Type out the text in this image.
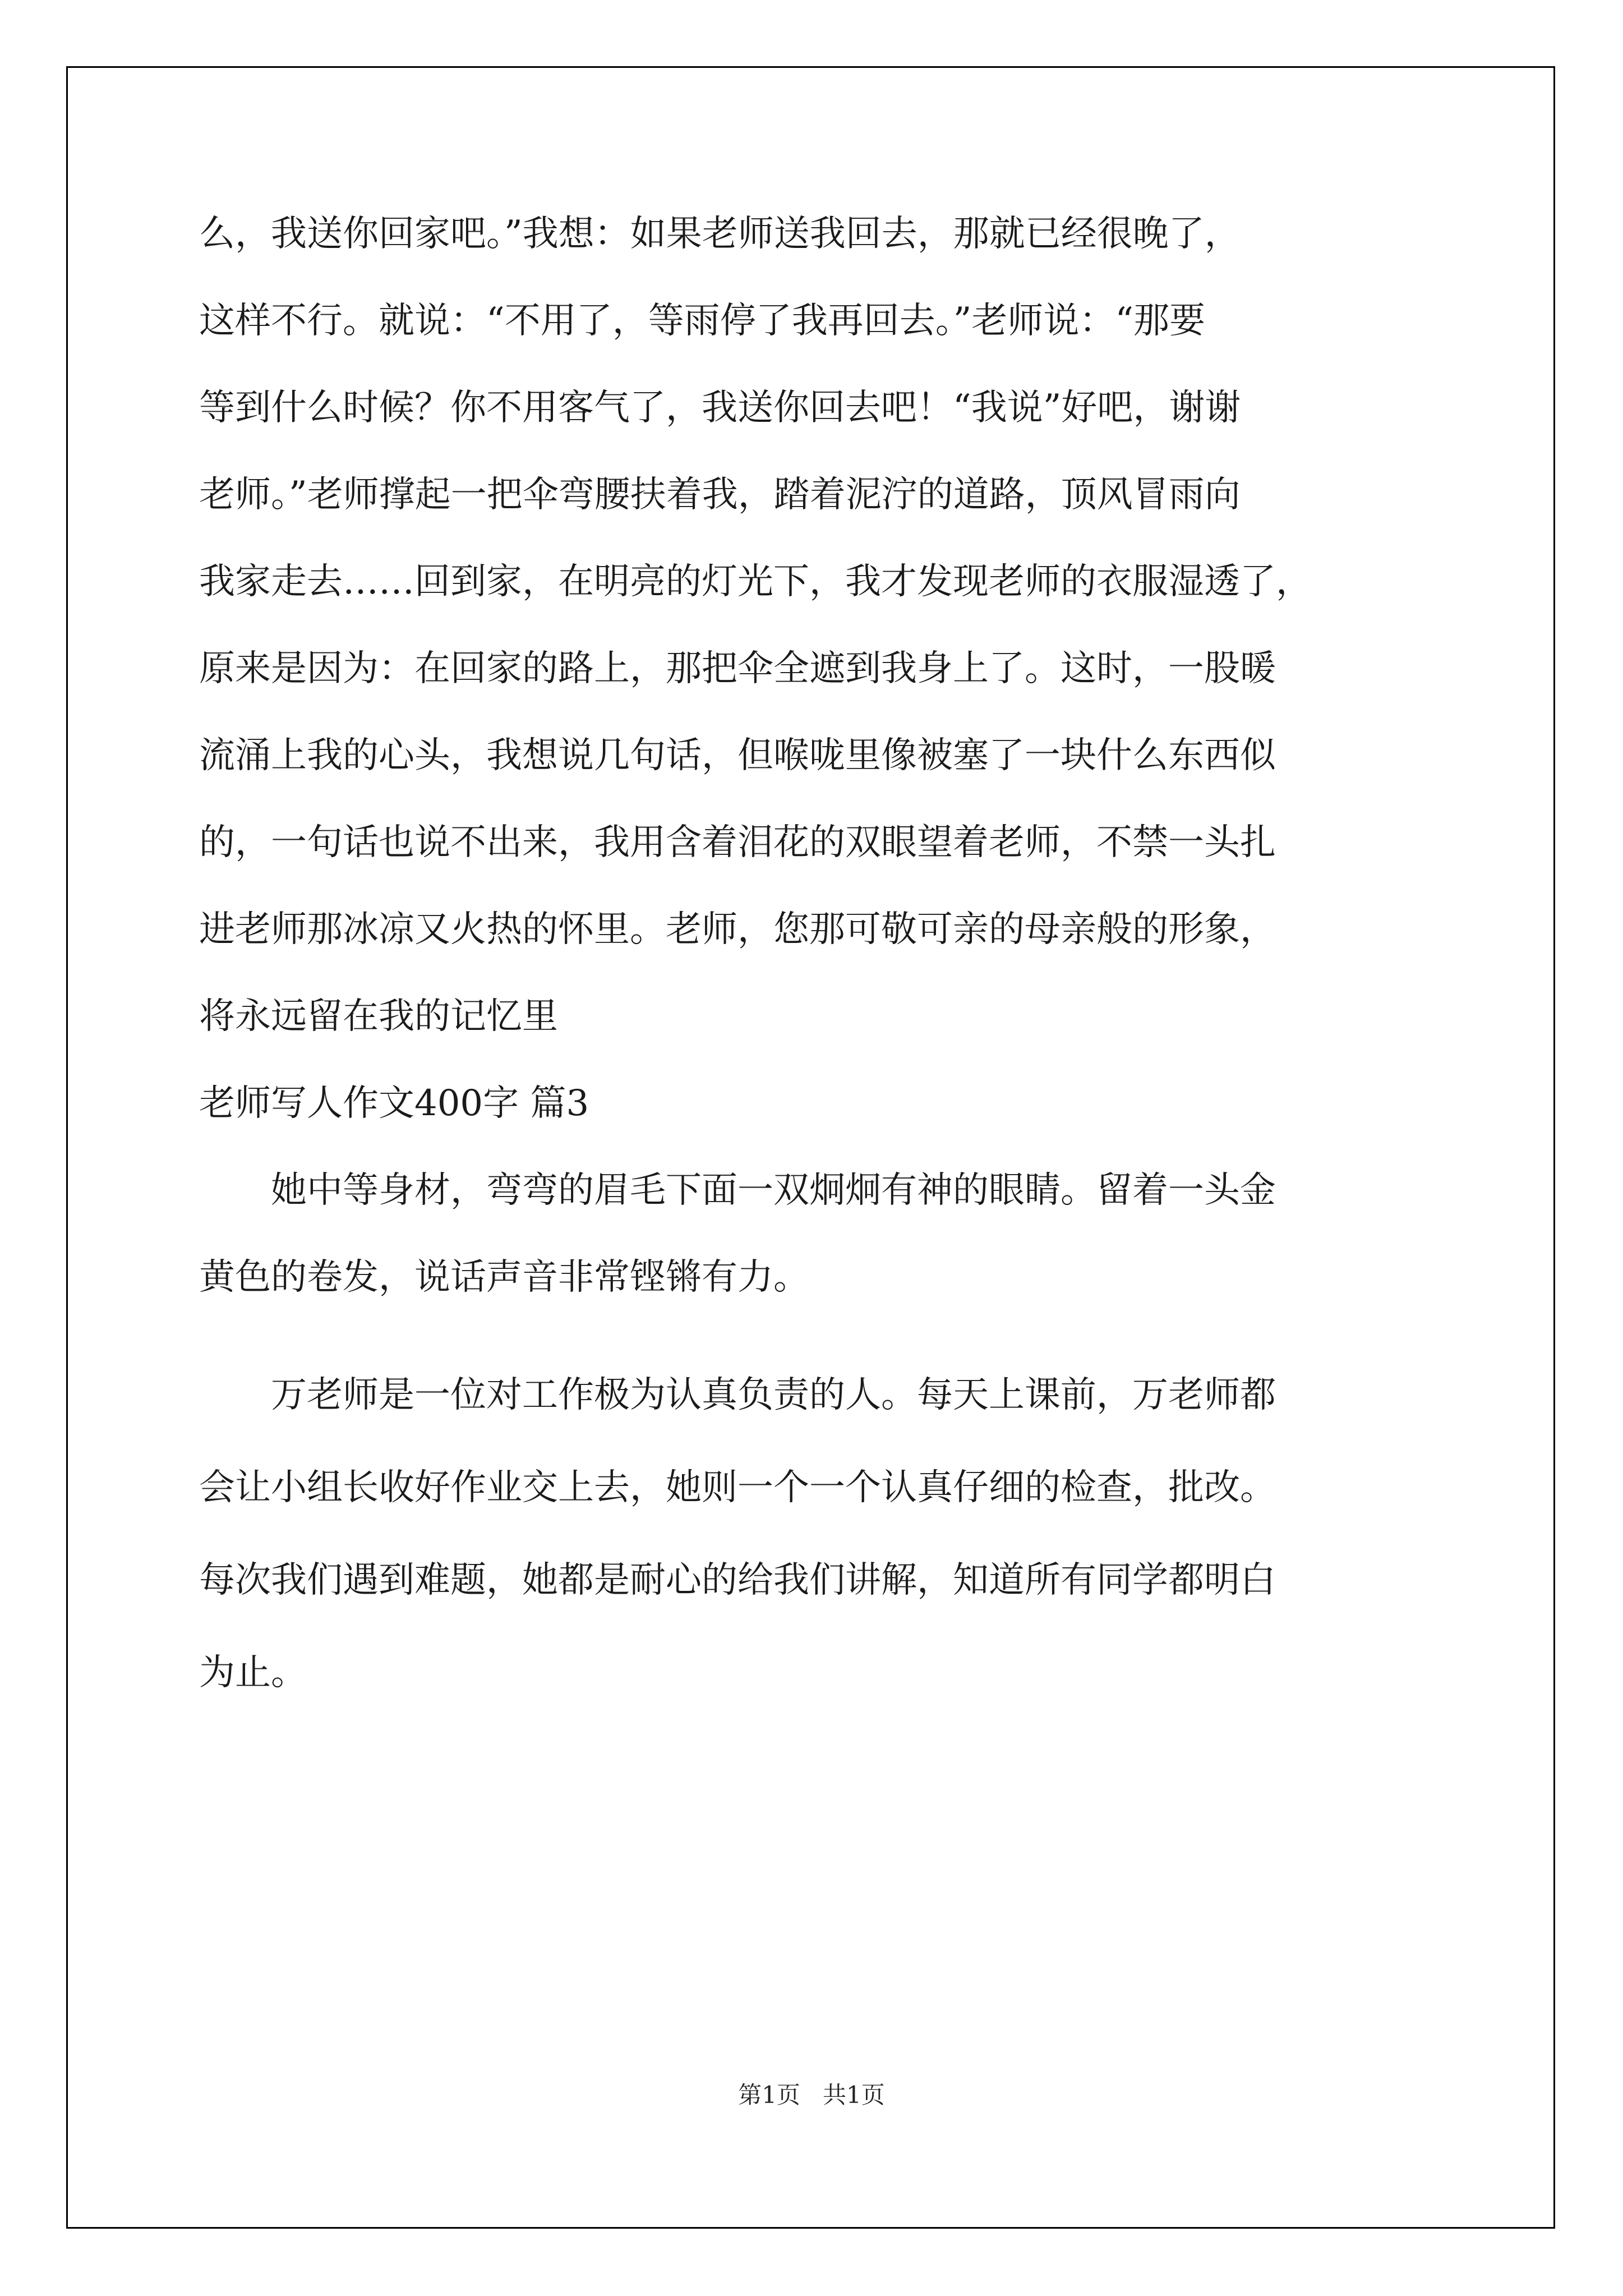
么，我送你回家吧。”我想：如果老师送我回去，那就已经很晚了，
这样不行。就说：“不用了，等雨停了我再回去。”老师说：“那要
等到什么时候？你不用客气了，我送你回去吧！“我说”好吧，谢谢
老师。”老师撑起一把伞弯腰扶着我，踏着泥泞的道路，顶风冒雨向
我家走去……回到家，在明亮的灯光下，我才发现老师的衣服湿透了，
原来是因为：在回家的路上，那把伞全遮到我身上了。这时，一股暖
流涌上我的心头，我想说几句话，但喉咙里像被塞了一块什么东西似
的，一句话也说不出来，我用含着泪花的双眼望着老师，不禁一头扎
进老师那冰凉又火热的怀里。老师，您那可敬可亲的母亲般的形象，
将永远留在我的记忆里
老师写人作文400字 篇3
她中等身材，弯弯的眉毛下面一双炯炯有神的眼睛。留着一头金
黄色的卷发，说话声音非常铿锵有力。
万老师是一位对工作极为认真负责的人。每天上课前，万老师都
会让小组长收好作业交上去，她则一个一个认真仔细的检查，批改。
每次我们遇到难题，她都是耐心的给我们讲解，知道所有同学都明白
为止。
第1页   共1页
